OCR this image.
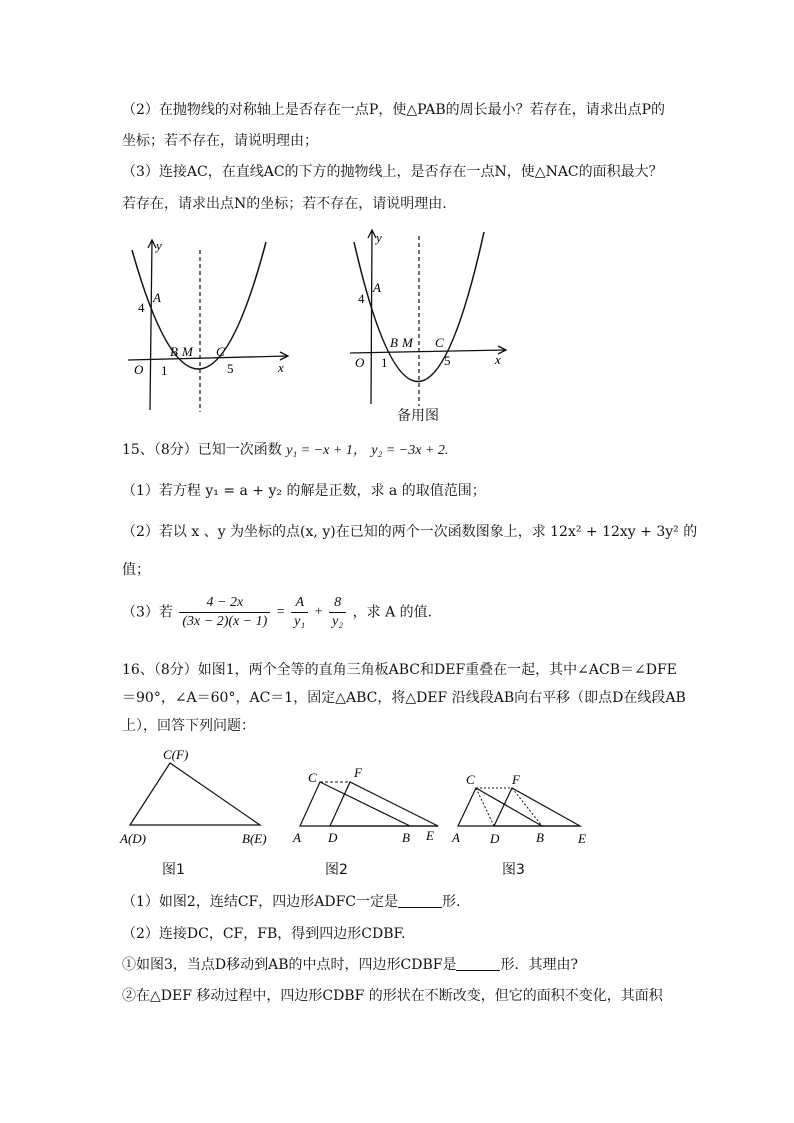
（2）在抛物线的对称轴上是否存在一点P，使△PAB的周长最小？若存在，请求出点P的
坐标；若不存在，请说明理由；
（3）连接AC，在直线AC的下方的抛物线上，是否存在一点N，使△NAC的面积最大？
若存在，请求出点N的坐标；若不存在，请说明理由.
y
4
A
O 1
B M C
5	x
y
4
A
O 1
B M C
5	x
备用图
15、（8分）已知一次函数 y₁ = −x + 1， y₂ = −3x + 2.
（1）若方程 y₁ = a + y₂ 的解是正数，求 a 的取值范围；
（2）若以 x 、y 为坐标的点(x, y)在已知的两个一次函数图象上，求 12x² + 12xy + 3y² 的
值；
（3）若 $\frac{4 - 2x}{(3x - 2)(x - 1)} = \frac{A}{\text{y₁}} + \frac{8}{\text{y₂}}$ ，求 A 的值.
16、（8分）如图1，两个全等的直角三角板ABC和DEF重叠在一起，其中∠ACB＝∠DFE
＝90°，∠A＝60°，AC＝1，固定△ABC，将△DEF 沿线段AB向右平移（即点D在线段AB
上），回答下列问题：
C(F)
A(D)	B(E)
图1
C	F
A D	B E
图2
C	F
A D	B	E
图3
（1）如图2，连结CF，四边形ADFC一定是	形.
（2）连接DC，CF，FB，得到四边形CDBF.
①如图3，当点D移动到AB的中点时，四边形CDBF是	形．其理由?
②在△DEF 移动过程中，四边形CDBF 的形状在不断改变，但它的面积不变化，其面积
